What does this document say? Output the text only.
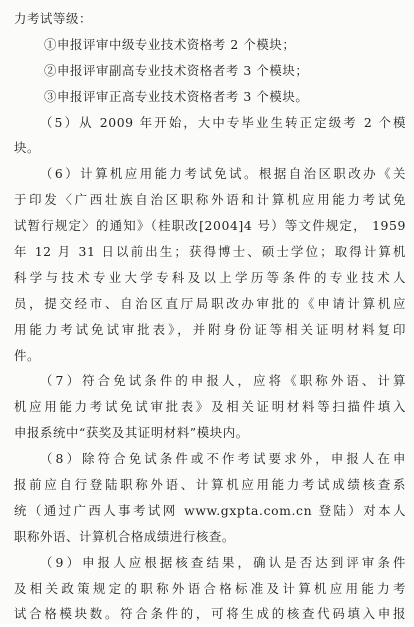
力考试等级：
①申报评审中级专业技术资格考 2 个模块；
②申报评审副高专业技术资格者考 3 个模块；
③申报评审正高专业技术资格者考 3 个模块。
（5）从 2009 年开始，大中专毕业生转正定级考 2 个模
块。
（6）计算机应用能力考试免试。根据自治区职改办《关
于印发〈广西壮族自治区职称外语和计算机应用能力考试免
试暂行规定〉的通知》（桂职改[2004]4 号）等文件规定， 1959
年 12 月 31 日以前出生；获得博士、硕士学位；取得计算机
科学与技术专业大学专科及以上学历等条件的专业技术人
员，提交经市、自治区直厅局职改办审批的《申请计算机应
用能力考试免试审批表》，并附身份证等相关证明材料复印
件。
（7）符合免试条件的申报人，应将《职称外语、计算
机应用能力考试免试审批表》及相关证明材料等扫描件填入
申报系统中“获奖及其证明材料”模块内。
（8）除符合免试条件或不作考试要求外，申报人在申
报前应自行登陆职称外语、计算机应用能力考试成绩核查系
统（通过广西人事考试网 www.gxpta.com.cn 登陆）对本人
职称外语、计算机合格成绩进行核查。
（9）申报人应根据核查结果，确认是否达到评审条件
及相关政策规定的职称外语合格标准及计算机应用能力考
试合格模块数。符合条件的，可将生成的核查代码填入申报
